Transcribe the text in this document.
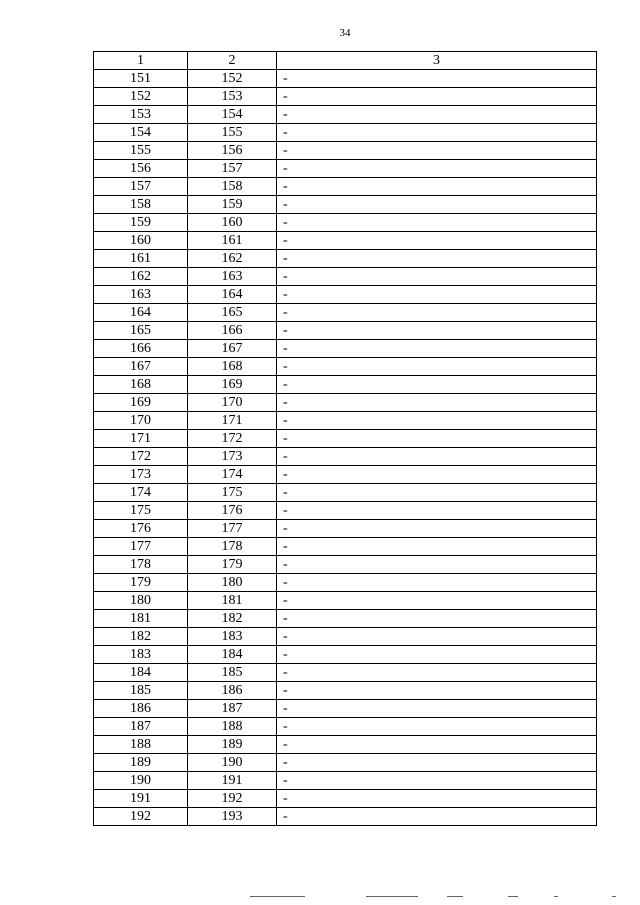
34
1	2	3
151	152	-
152	153	-
153	154	-
154	155	-
155	156	-
156	157	-
157	158	-
158	159	-
159	160	-
160	161	-
161	162	-
162	163	-
163	164	-
164	165	-
165	166	-
166	167	-
167	168	-
168	169	-
169	170	-
170	171	-
171	172	-
172	173	-
173	174	-
174	175	-
175	176	-
176	177	-
177	178	-
178	179	-
179	180	-
180	181	-
181	182	-
182	183	-
183	184	-
184	185	-
185	186	-
186	187	-
187	188	-
188	189	-
189	190	-
190	191	-
191	192	-
192	193	-
